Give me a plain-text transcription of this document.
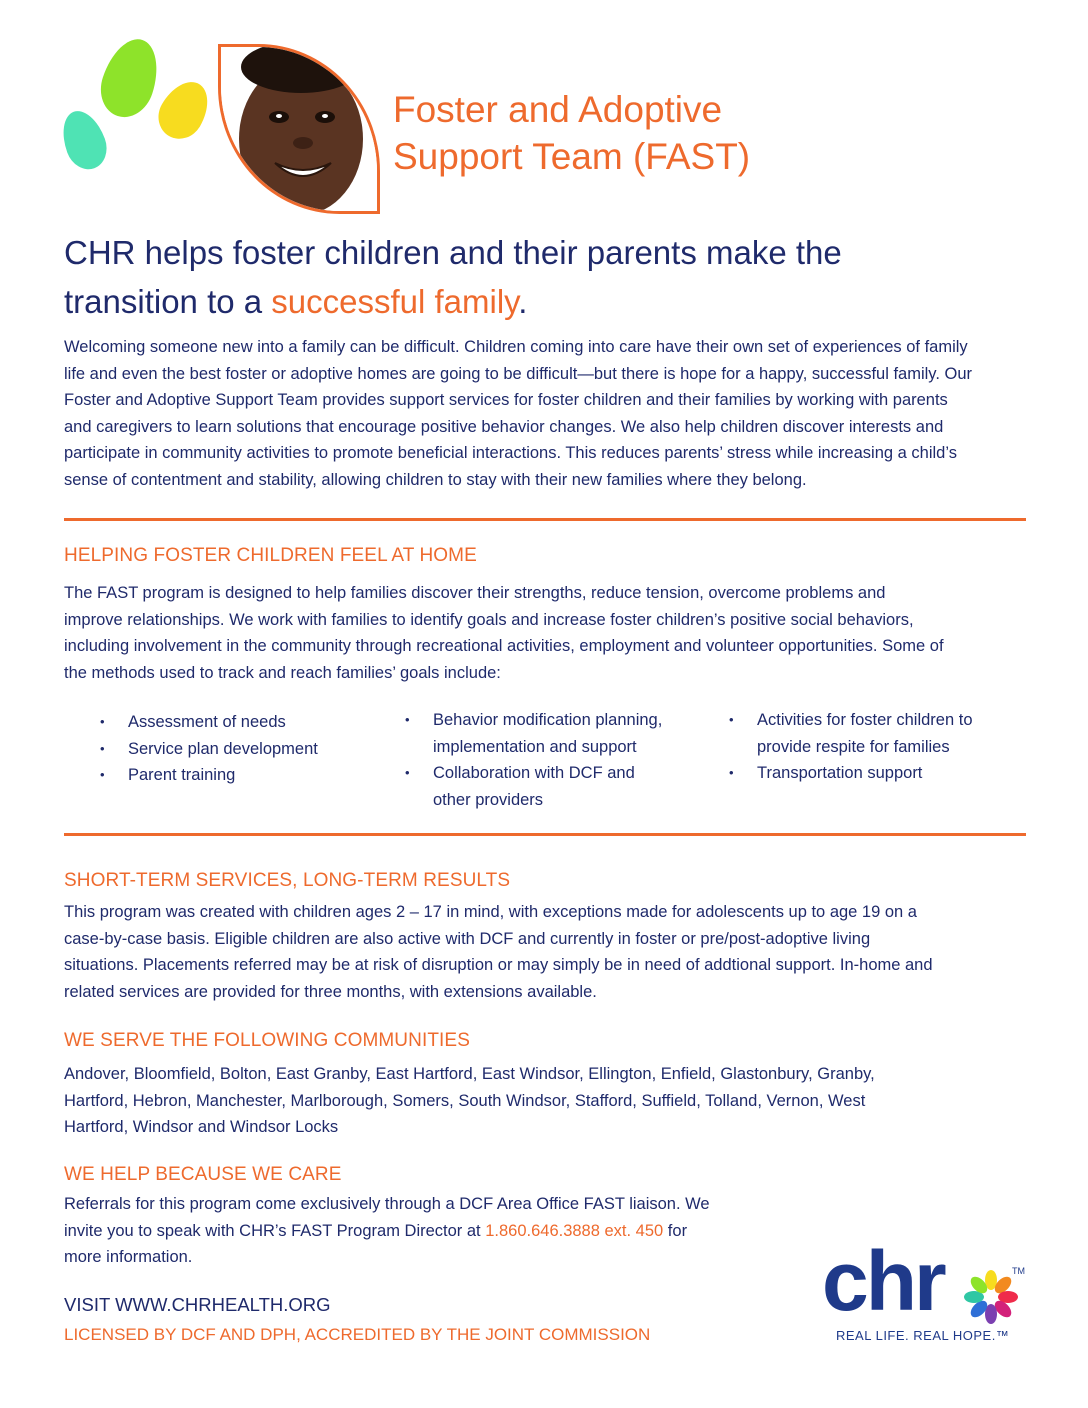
Foster and Adoptive
Support Team (FAST)
CHR helps foster children and their parents make the transition to a successful family.

Welcoming someone new into a family can be difficult. Children coming into care have their own set of experiences of family life and even the best foster or adoptive homes are going to be difficult—but there is hope for a happy, successful family. Our Foster and Adoptive Support Team provides support services for foster children and their families by working with parents and caregivers to learn solutions that encourage positive behavior changes. We also help children discover interests and participate in community activities to promote beneficial interactions. This reduces parents’ stress while increasing a child’s sense of contentment and stability, allowing children to stay with their new families where they belong.

HELPING FOSTER CHILDREN FEEL AT HOME

The FAST program is designed to help families discover their strengths, reduce tension, overcome problems and improve relationships. We work with families to identify goals and increase foster children’s positive social behaviors, including involvement in the community through recreational activities, employment and volunteer opportunities. Some of the methods used to track and reach families’ goals include:

• Assessment of needs
• Service plan development
• Parent training
• Behavior modification planning, implementation and support
• Collaboration with DCF and other providers
• Activities for foster children to provide respite for families
• Transportation support
SHORT-TERM SERVICES, LONG-TERM RESULTS

This program was created with children ages 2 – 17 in mind, with exceptions made for adolescents up to age 19 on a case-by-case basis. Eligible children are also active with DCF and currently in foster or pre/post-adoptive living situations. Placements referred may be at risk of disruption or may simply be in need of addtional support. In-home and related services are provided for three months, with extensions available.

WE SERVE THE FOLLOWING COMMUNITIES

Andover, Bloomfield, Bolton, East Granby, East Hartford, East Windsor, Ellington, Enfield, Glastonbury, Granby, Hartford, Hebron, Manchester, Marlborough, Somers, South Windsor, Stafford, Suffield, Tolland, Vernon, West Hartford, Windsor and Windsor Locks

WE HELP BECAUSE WE CARE

Referrals for this program come exclusively through a DCF Area Office FAST liaison. We invite you to speak with CHR’s FAST Program Director at 1.860.646.3888 ext. 450 for more information.

VISIT WWW.CHRHEALTH.ORG

LICENSED BY DCF AND DPH, ACCREDITED BY THE JOINT COMMISSION

chr	TM
REAL LIFE. REAL HOPE.™
